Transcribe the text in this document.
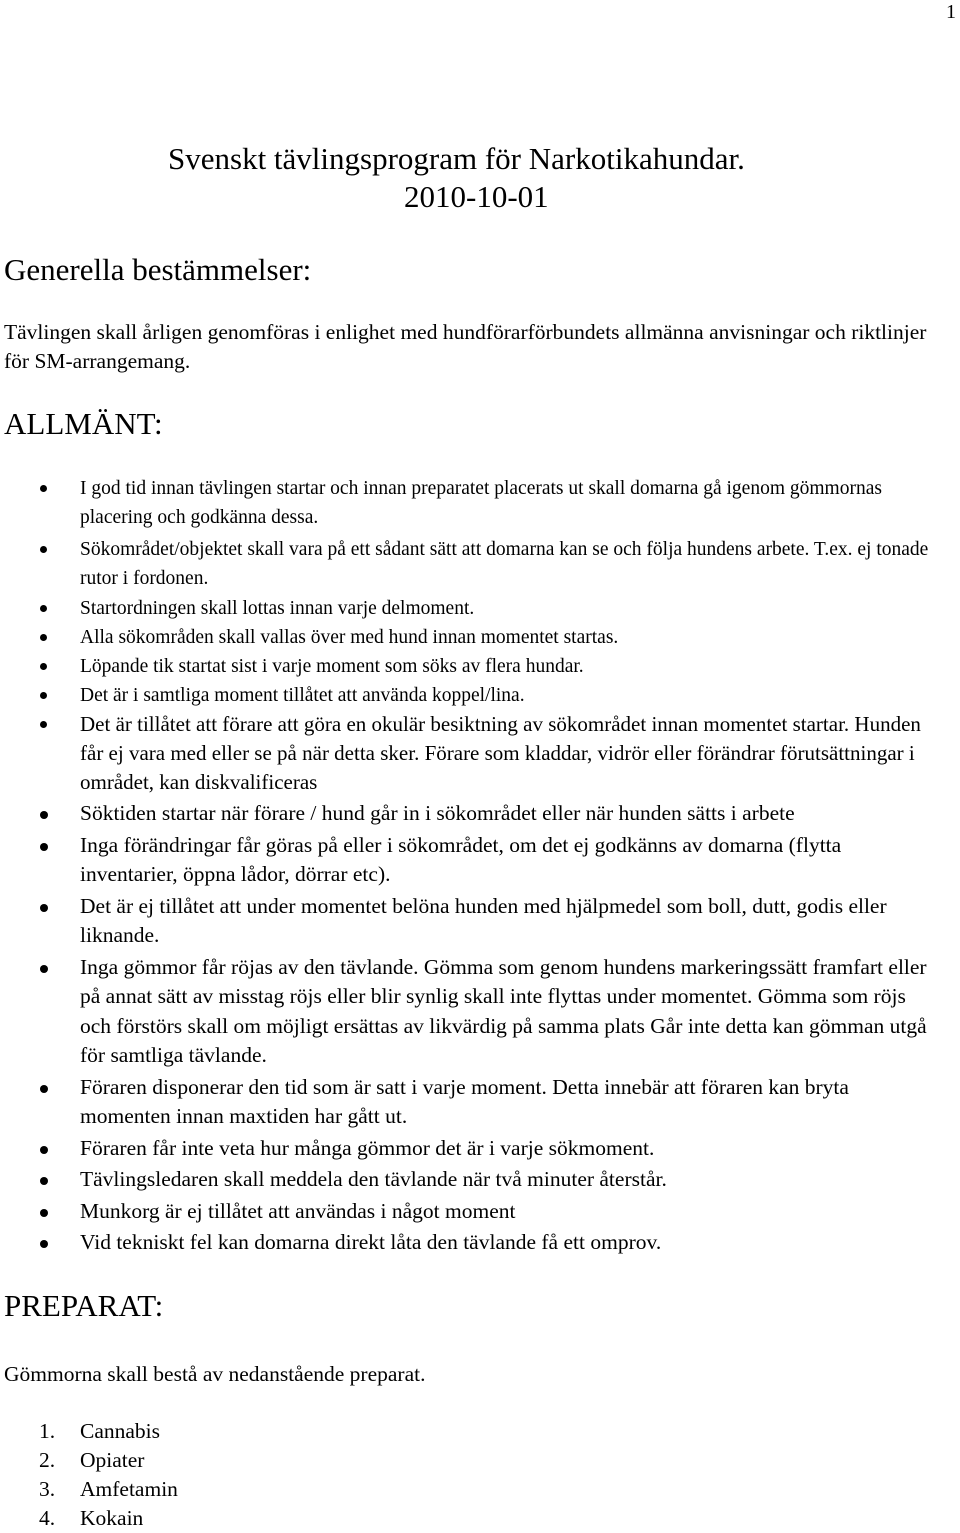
1
Svenskt tävlingsprogram för Narkotikahundar.
2010-10-01
Generella bestämmelser:
Tävlingen skall årligen genomföras i enlighet med hundförarförbundets allmänna anvisningar och riktlinjer för SM-arrangemang.
ALLMÄNT:
I god tid innan tävlingen startar och innan preparatet placerats ut skall domarna gå igenom gömmornas placering och godkänna dessa.
Sökområdet/objektet skall vara på ett sådant sätt att domarna kan se och följa hundens arbete. T.ex. ej tonade rutor i fordonen.
Startordningen skall lottas innan varje delmoment.
Alla sökområden skall vallas över med hund innan momentet startas.
Löpande tik startat sist i varje moment som söks av flera hundar.
Det är i samtliga moment tillåtet att använda koppel/lina.
Det är tillåtet att förare att göra en okulär besiktning av sökområdet innan momentet startar. Hunden får ej vara med eller se på när detta sker. Förare som kladdar, vidrör eller förändrar förutsättningar i området, kan diskvalificeras
Söktiden startar när förare / hund går in i sökområdet eller när hunden sätts i arbete
Inga förändringar får göras på eller i sökområdet, om det ej godkänns av domarna (flytta inventarier, öppna lådor, dörrar etc).
Det är ej tillåtet att under momentet belöna hunden med hjälpmedel som boll, dutt, godis eller liknande.
Inga gömmor får röjas av den tävlande. Gömma som genom hundens markeringssätt framfart eller på annat sätt av misstag röjs eller blir synlig skall inte flyttas under momentet. Gömma som röjs och förstörs skall om möjligt ersättas av likvärdig på samma plats Går inte detta kan gömman utgå för samtliga tävlande.
Föraren disponerar den tid som är satt i varje moment. Detta innebär att föraren kan bryta momenten innan maxtiden har gått ut.
Föraren får inte veta hur många gömmor det är i varje sökmoment.
Tävlingsledaren skall meddela den tävlande när två minuter återstår.
Munkorg är ej tillåtet att användas i något moment
Vid tekniskt fel kan domarna direkt låta den tävlande få ett omprov.
PREPARAT:
Gömmorna skall bestå av nedanstående preparat.
1. Cannabis
2. Opiater
3. Amfetamin
4. Kokain
